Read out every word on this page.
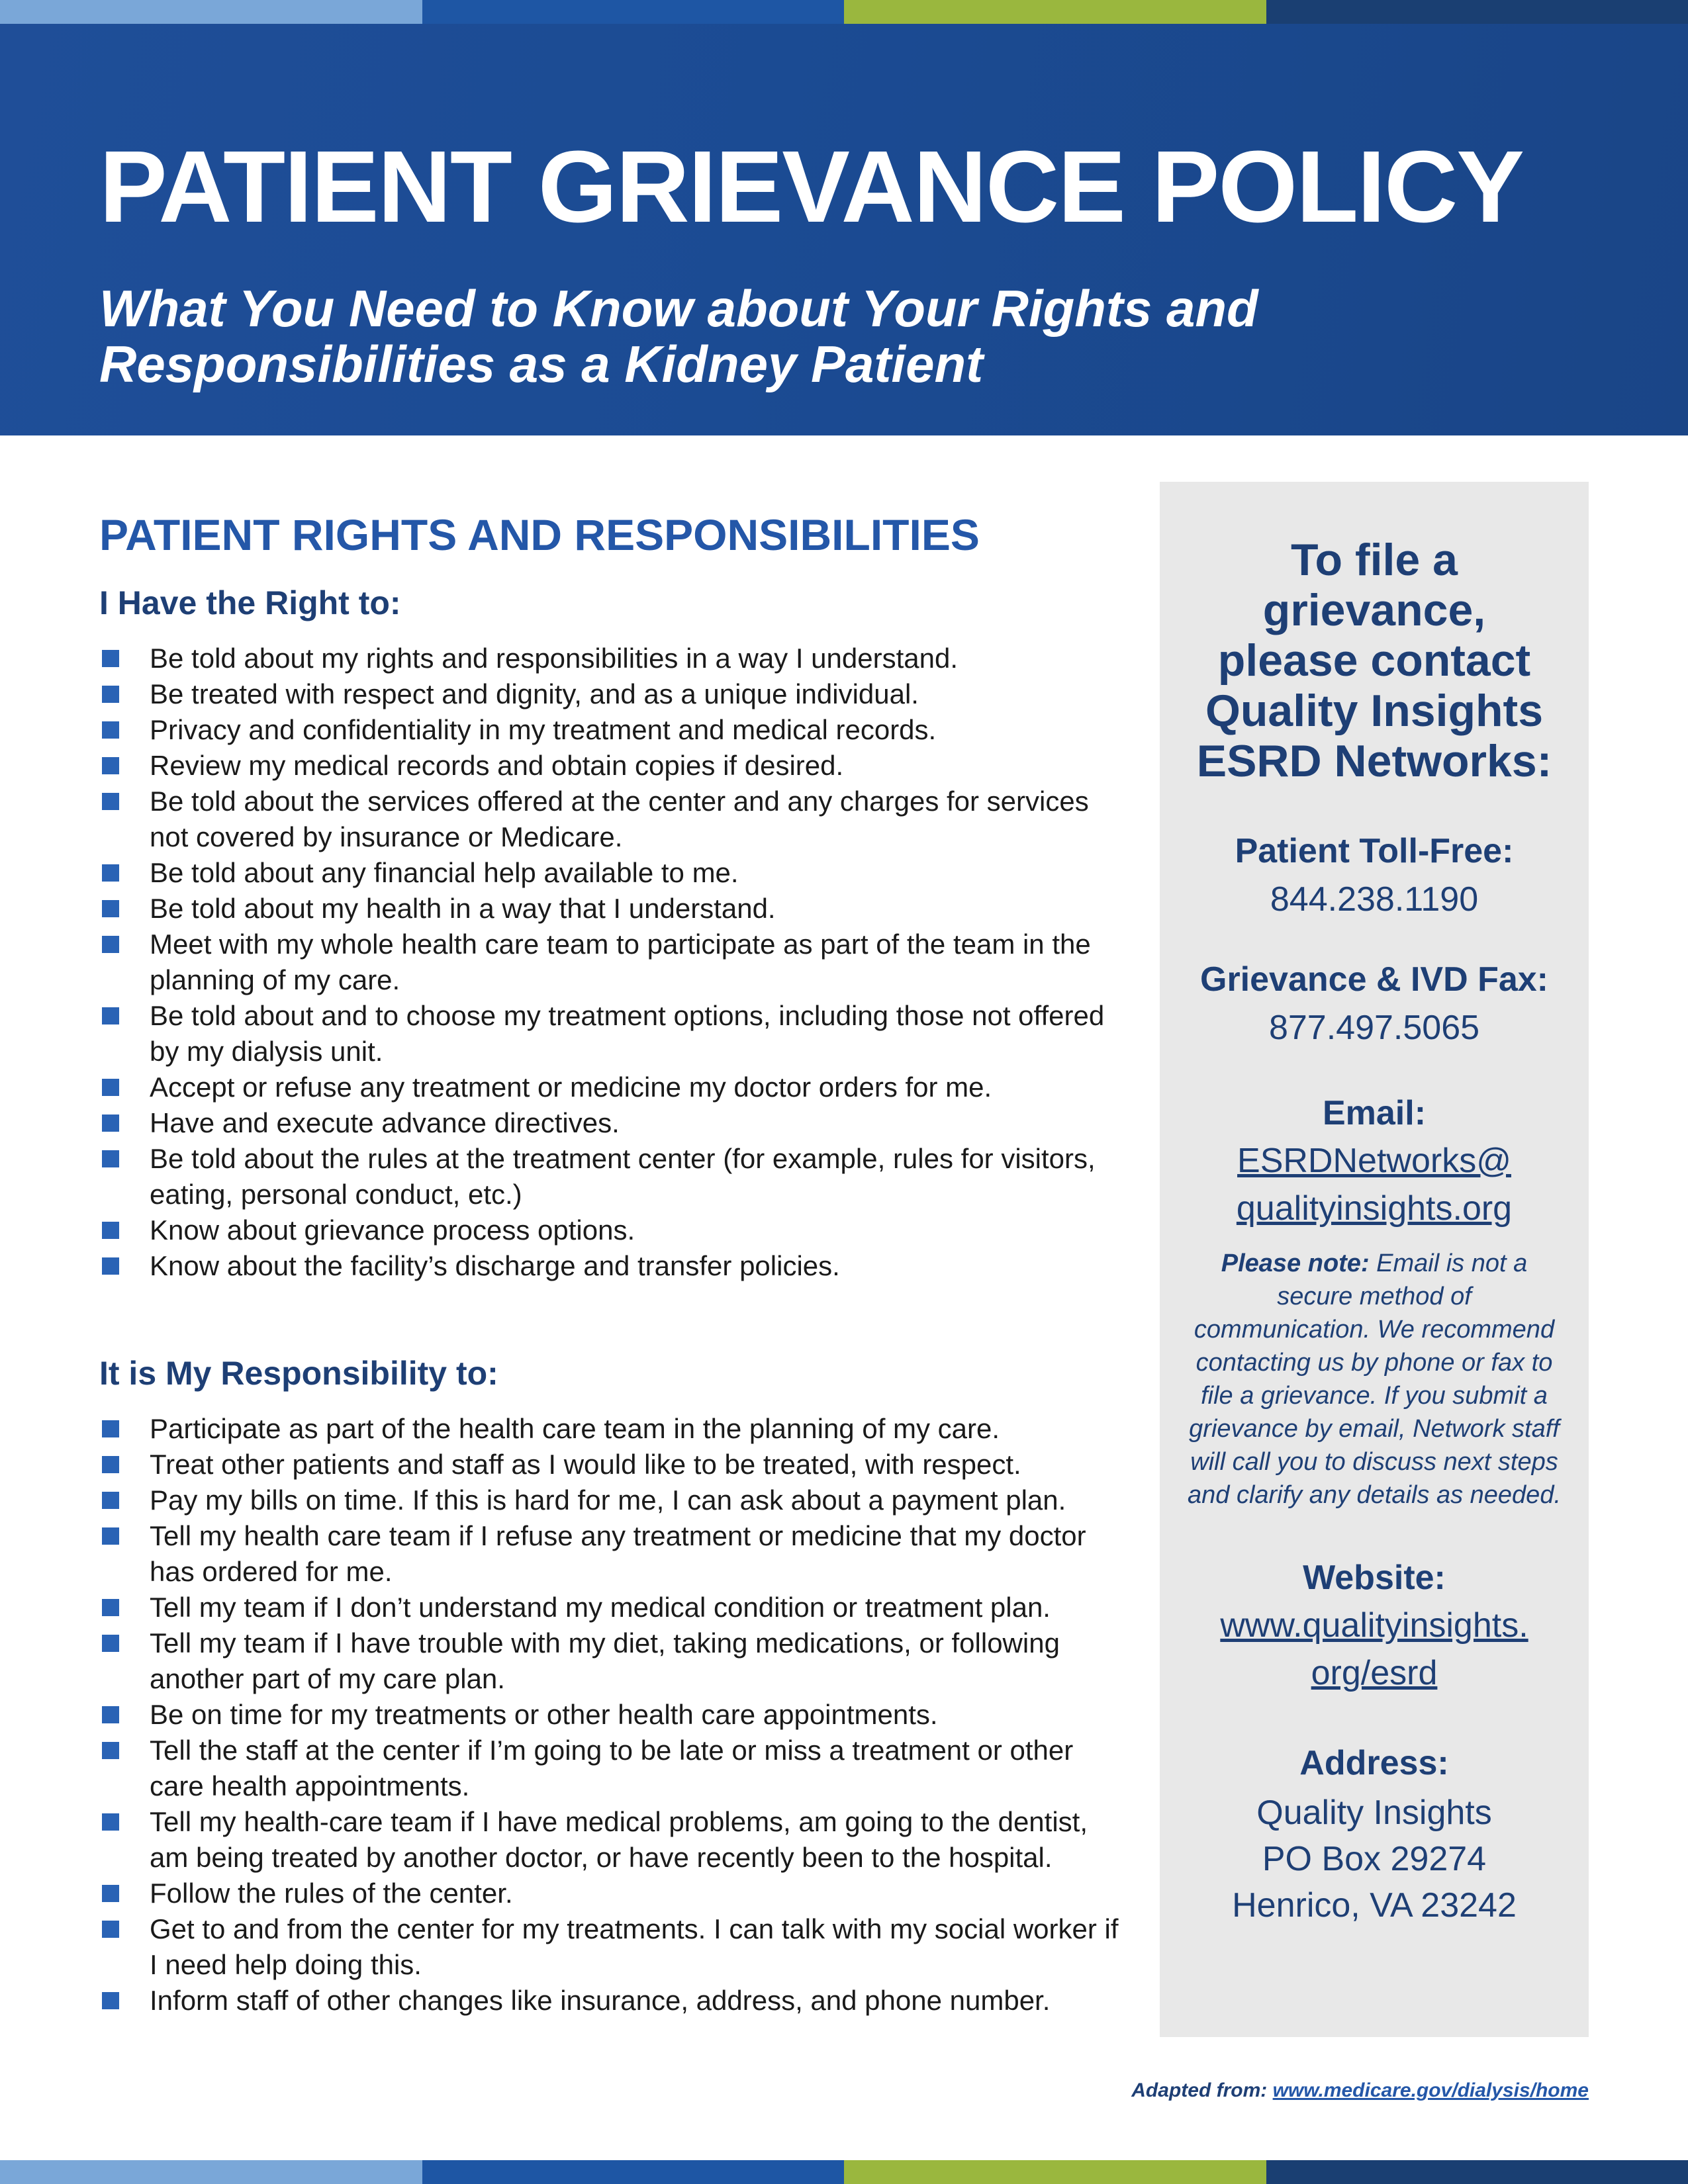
PATIENT GRIEVANCE POLICY
What You Need to Know about Your Rights and
Responsibilities as a Kidney Patient
PATIENT RIGHTS AND RESPONSIBILITIES
I Have the Right to:
Be told about my rights and responsibilities in a way I understand.
Be treated with respect and dignity, and as a unique individual.
Privacy and confidentiality in my treatment and medical records.
Review my medical records and obtain copies if desired.
Be told about the services offered at the center and any charges for services not covered by insurance or Medicare.
Be told about any financial help available to me.
Be told about my health in a way that I understand.
Meet with my whole health care team to participate as part of the team in the planning of my care.
Be told about and to choose my treatment options, including those not offered by my dialysis unit.
Accept or refuse any treatment or medicine my doctor orders for me.
Have and execute advance directives.
Be told about the rules at the treatment center (for example, rules for visitors, eating, personal conduct, etc.)
Know about grievance process options.
Know about the facility’s discharge and transfer policies.
It is My Responsibility to:
Participate as part of the health care team in the planning of my care.
Treat other patients and staff as I would like to be treated, with respect.
Pay my bills on time. If this is hard for me, I can ask about a payment plan.
Tell my health care team if I refuse any treatment or medicine that my doctor has ordered for me.
Tell my team if I don’t understand my medical condition or treatment plan.
Tell my team if I have trouble with my diet, taking medications, or following another part of my care plan.
Be on time for my treatments or other health care appointments.
Tell the staff at the center if I’m going to be late or miss a treatment or other care health appointments.
Tell my health-care team if I have medical problems, am going to the dentist, am being treated by another doctor, or have recently been to the hospital.
Follow the rules of the center.
Get to and from the center for my treatments. I can talk with my social worker if I need help doing this.
Inform staff of other changes like insurance, address, and phone number.
To file a
grievance,
please contact
Quality Insights
ESRD Networks:
Patient Toll-Free:
844.238.1190
Grievance & IVD Fax:
877.497.5065
Email:
ESRDNetworks@
qualityinsights.org
Please note: Email is not a secure method of communication. We recommend contacting us by phone or fax to file a grievance. If you submit a grievance by email, Network staff will call you to discuss next steps and clarify any details as needed.
Website:
www.qualityinsights.
org/esrd
Address:
Quality Insights
PO Box 29274
Henrico, VA 23242
Adapted from: www.medicare.gov/dialysis/home
